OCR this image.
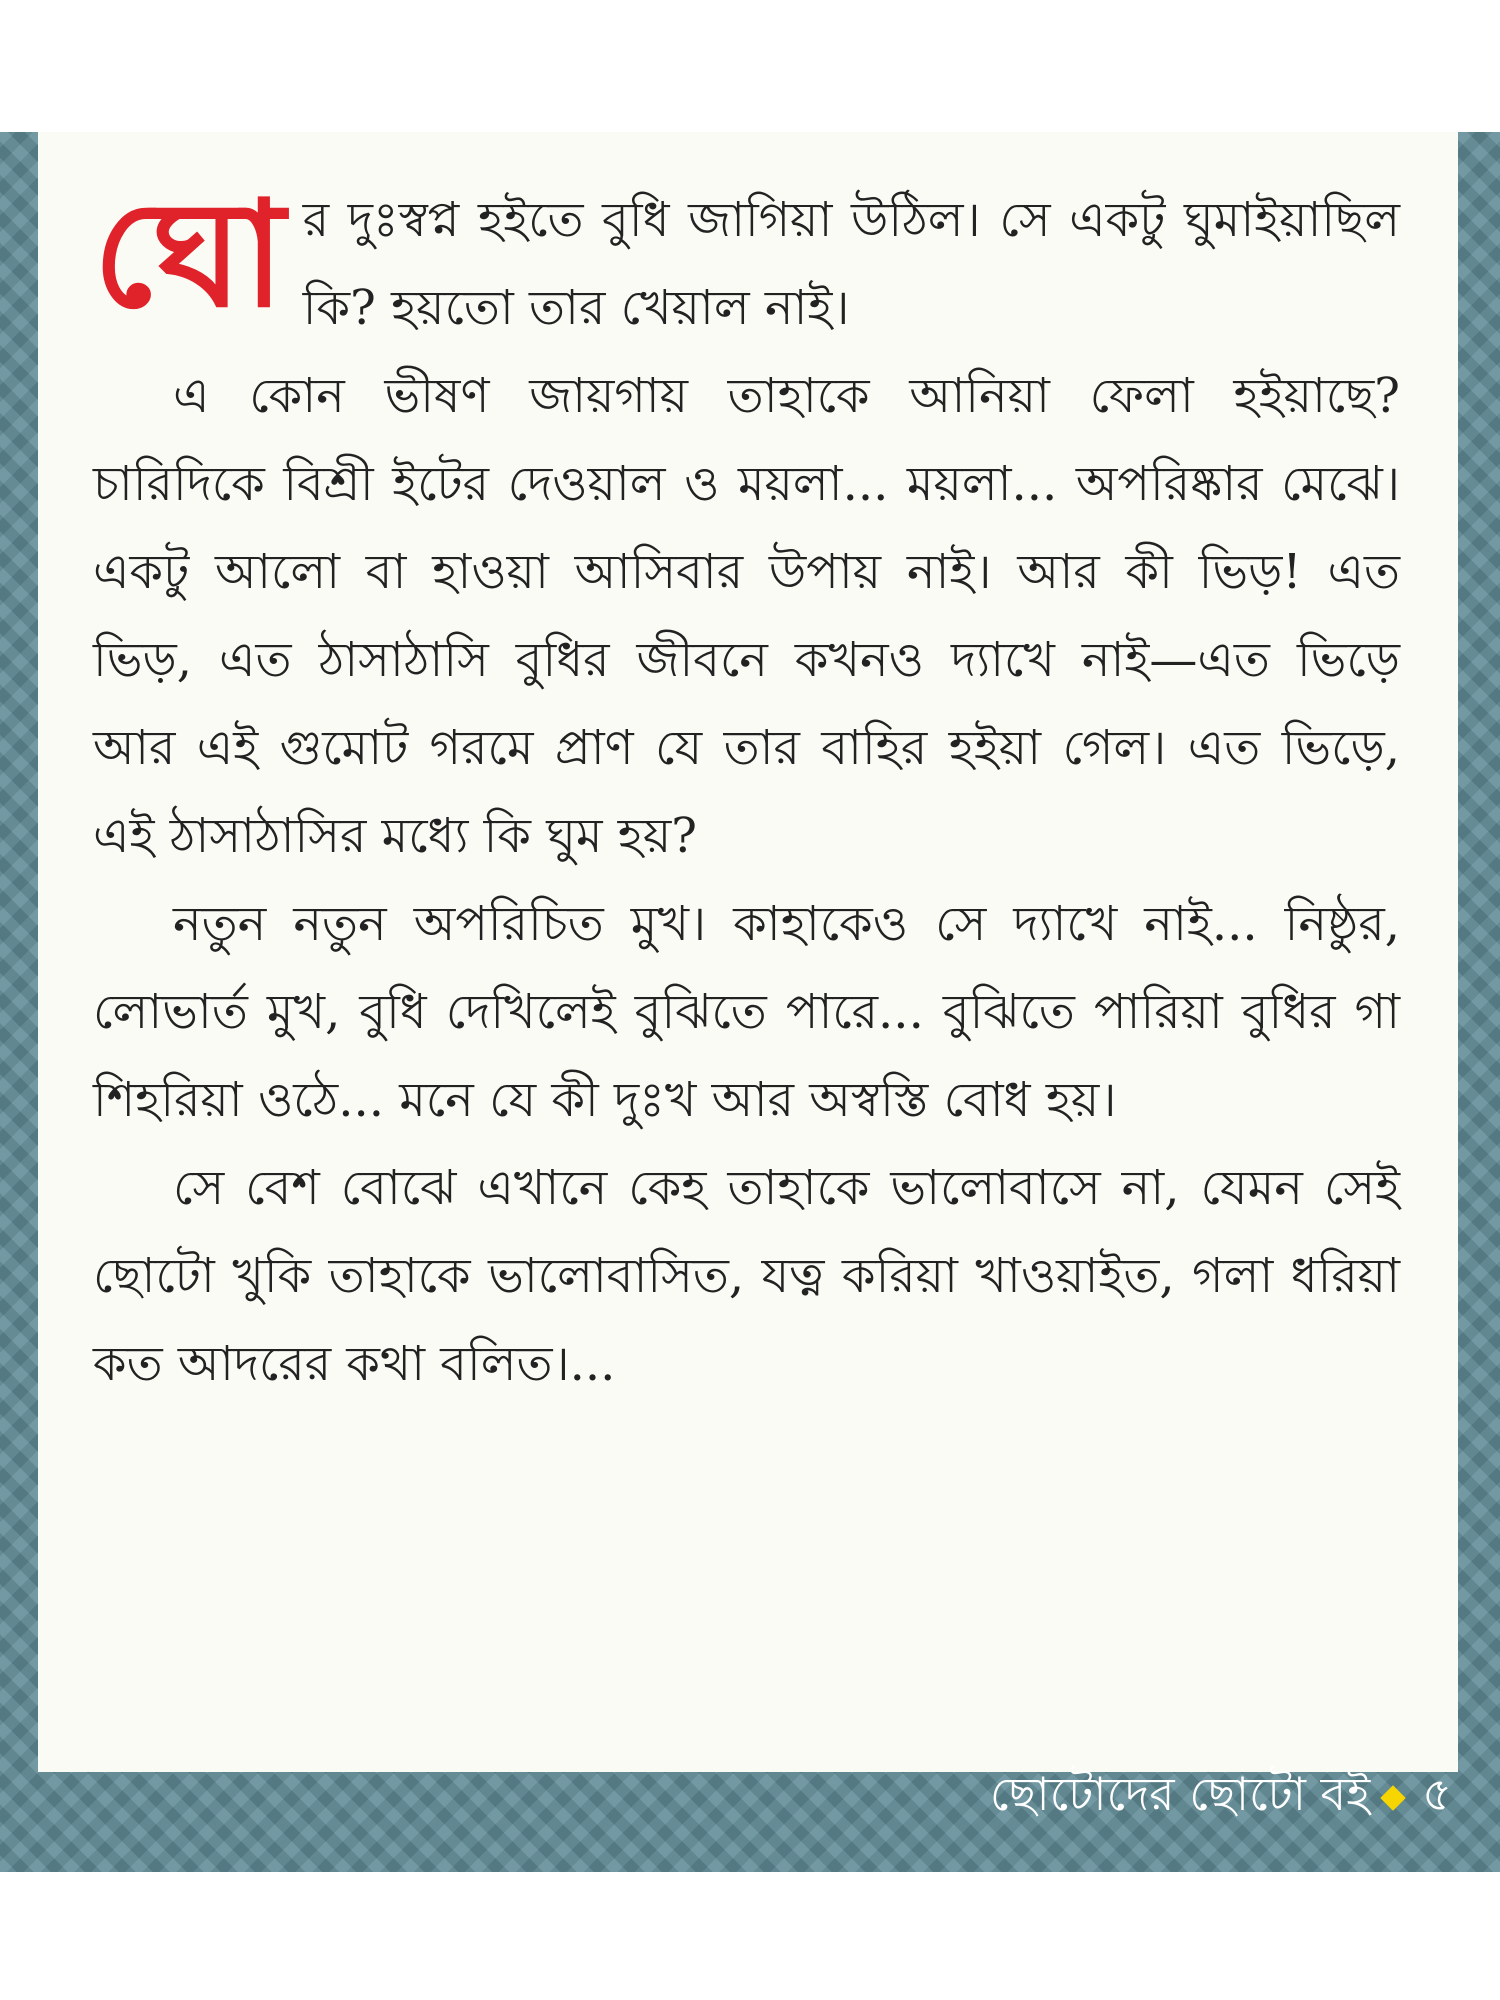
ঘো র দুঃস্বপ্ন হইতে বুধি জাগিয়া উঠিল। সে একটু ঘুমাইয়াছিল কি? হয়তো তার খেয়াল নাই।

এ কোন ভীষণ জায়গায় তাহাকে আনিয়া ফেলা হইয়াছে? চারিদিকে বিশ্রী ইটের দেওয়াল ও ময়লা... ময়লা... অপরিষ্কার মেঝে। একটু আলো বা হাওয়া আসিবার উপায় নাই। আর কী ভিড়! এত ভিড়, এত ঠাসাঠাসি বুধির জীবনে কখনও দ্যাখে নাই—এত ভিড়ে আর এই গুমোট গরমে প্রাণ যে তার বাহির হইয়া গেল। এত ভিড়ে, এই ঠাসাঠাসির মধ্যে কি ঘুম হয়?

নতুন নতুন অপরিচিত মুখ। কাহাকেও সে দ্যাখে নাই... নিষ্ঠুর, লোভার্ত মুখ, বুধি দেখিলেই বুঝিতে পারে... বুঝিতে পারিয়া বুধির গা শিহরিয়া ওঠে... মনে যে কী দুঃখ আর অস্বস্তি বোধ হয়।

সে বেশ বোঝে এখানে কেহ তাহাকে ভালোবাসে না, যেমন সেই ছোটো খুকি তাহাকে ভালোবাসিত, যত্ন করিয়া খাওয়াইত, গলা ধরিয়া কত আদরের কথা বলিত।...

ছোটোদের ছোটো বই ৫
